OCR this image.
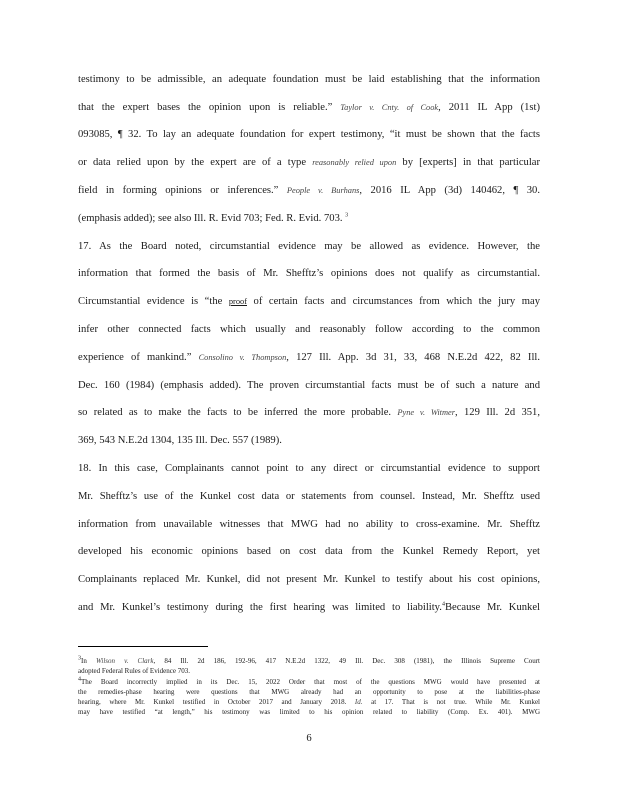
testimony to be admissible, an adequate foundation must be laid establishing that the information
that the expert bases the opinion upon is reliable.” Taylor v. Cnty. of Cook, 2011 IL App (1st)
093085, ¶ 32. To lay an adequate foundation for expert testimony, “it must be shown that the facts
or data relied upon by the expert are of a type reasonably relied upon by [experts] in that particular
field in forming opinions or inferences.” People v. Burhans, 2016 IL App (3d) 140462, ¶ 30.
(emphasis added); see also Ill. R. Evid 703; Fed. R. Evid. 703. $^3$
17. As the Board noted, circumstantial evidence may be allowed as evidence. However, the
information that formed the basis of Mr. Shefftz’s opinions does not qualify as circumstantial.
Circumstantial evidence is “the proof of certain facts and circumstances from which the jury may
infer other connected facts which usually and reasonably follow according to the common
experience of mankind.” Consolino v. Thompson, 127 Ill. App. 3d 31, 33, 468 N.E.2d 422, 82 Ill.
Dec. 160 (1984) (emphasis added). The proven circumstantial facts must be of such a nature and
so related as to make the facts to be inferred the more probable. Pyne v. Witmer, 129 Ill. 2d 351,
369, 543 N.E.2d 1304, 135 Ill. Dec. 557 (1989).
18. In this case, Complainants cannot point to any direct or circumstantial evidence to support
Mr. Shefftz’s use of the Kunkel cost data or statements from counsel. Instead, Mr. Shefftz used
information from unavailable witnesses that MWG had no ability to cross-examine. Mr. Shefftz
developed his economic opinions based on cost data from the Kunkel Remedy Report, yet
Complainants replaced Mr. Kunkel, did not present Mr. Kunkel to testify about his cost opinions,
and Mr. Kunkel’s testimony during the first hearing was limited to liability.$^4$Because Mr. Kunkel
$^3$In Wilson v. Clark, 84 Ill. 2d 186, 192-96, 417 N.E.2d 1322, 49 Ill. Dec. 308 (1981), the Illinois Supreme Court
adopted Federal Rules of Evidence 703.
$^4$The Board incorrectly implied in its Dec. 15, 2022 Order that most of the questions MWG would have presented at
the remedies-phase hearing were questions that MWG already had an opportunity to pose at the liabilities-phase
hearing, where Mr. Kunkel testified in October 2017 and January 2018. Id. at 17. That is not true. While Mr. Kunkel
may have testified “at length,” his testimony was limited to his opinion related to liability (Comp. Ex. 401). MWG
6
